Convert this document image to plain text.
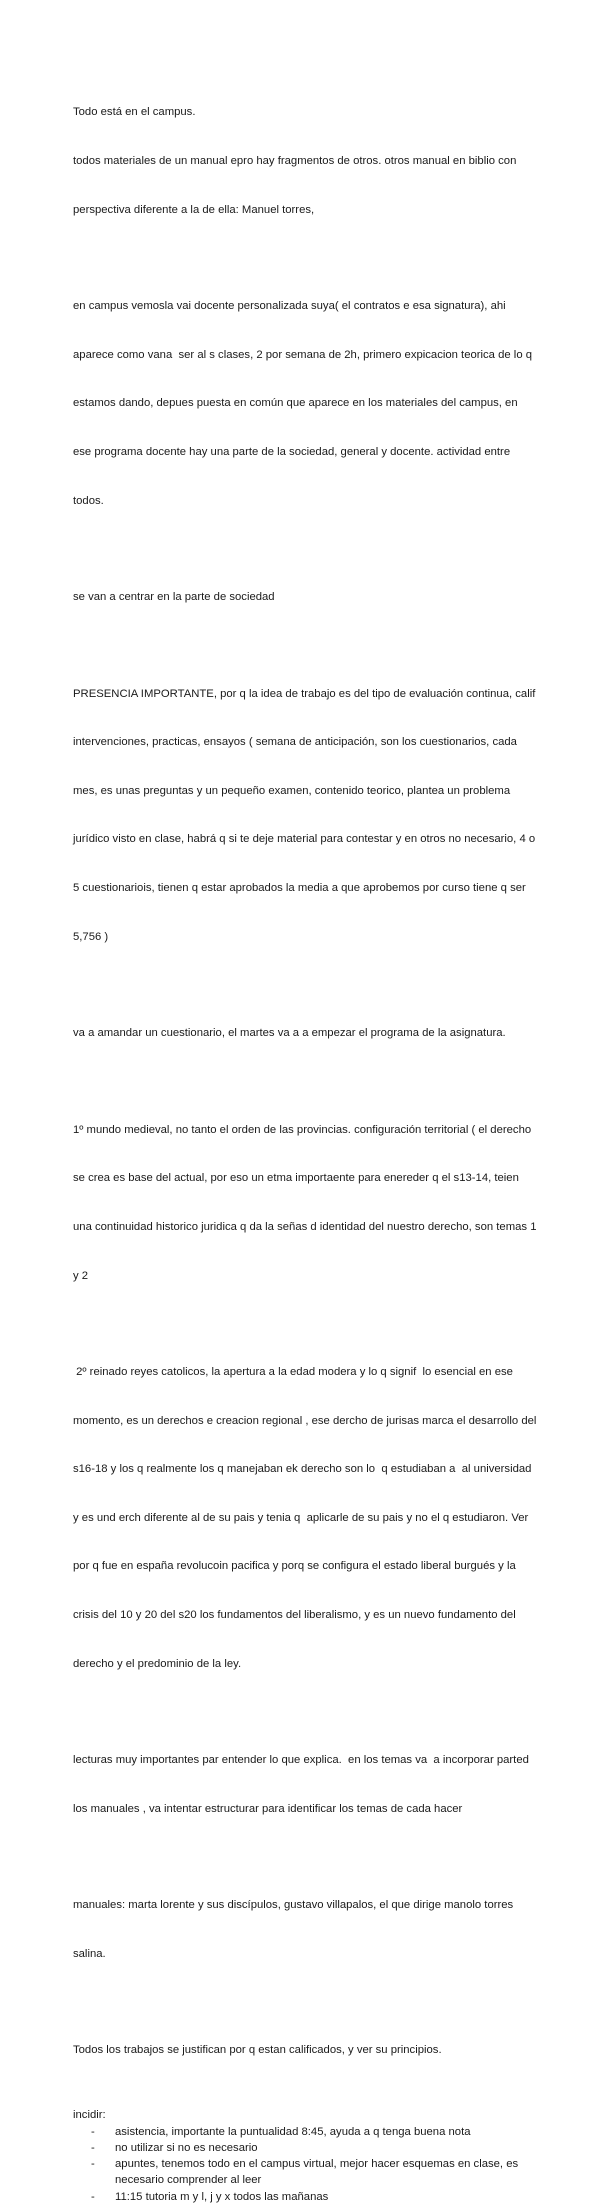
Todo está en el campus.

todos materiales de un manual epro hay fragmentos de otros. otros manual en biblio con

perspectiva diferente a la de ella: Manuel torres,

en campus vemosla vai docente personalizada suya( el contratos e esa signatura), ahi

aparece como vana  ser al s clases, 2 por semana de 2h, primero expicacion teorica de lo q

estamos dando, depues puesta en común que aparece en los materiales del campus, en

ese programa docente hay una parte de la sociedad, general y docente. actividad entre

todos.

se van a centrar en la parte de sociedad

PRESENCIA IMPORTANTE, por q la idea de trabajo es del tipo de evaluación continua, calif

intervenciones, practicas, ensayos ( semana de anticipación, son los cuestionarios, cada

mes, es unas preguntas y un pequeño examen, contenido teorico, plantea un problema

jurídico visto en clase, habrá q si te deje material para contestar y en otros no necesario, 4 o

5 cuestionariois, tienen q estar aprobados la media a que aprobemos por curso tiene q ser

5,756 )

va a amandar un cuestionario, el martes va a a empezar el programa de la asignatura.

1º mundo medieval, no tanto el orden de las provincias. configuración territorial ( el derecho

se crea es base del actual, por eso un etma importaente para enereder q el s13-14, teien

una continuidad historico juridica q da la señas d identidad del nuestro derecho, son temas 1

y 2

2º reinado reyes catolicos, la apertura a la edad modera y lo q signif  lo esencial en ese

momento, es un derechos e creacion regional , ese dercho de jurisas marca el desarrollo del

s16-18 y los q realmente los q manejaban ek derecho son lo  q estudiaban a  al universidad

y es und erch diferente al de su pais y tenia q  aplicarle de su pais y no el q estudiaron. Ver

por q fue en españa revolucoin pacifica y porq se configura el estado liberal burgués y la

crisis del 10 y 20 del s20 los fundamentos del liberalismo, y es un nuevo fundamento del

derecho y el predominio de la ley.

lecturas muy importantes par entender lo que explica.  en los temas va  a incorporar parted

los manuales , va intentar estructurar para identificar los temas de cada hacer

manuales: marta lorente y sus discípulos, gustavo villapalos, el que dirige manolo torres

salina.

Todos los trabajos se justifican por q estan calificados, y ver su principios.

incidir:
- asistencia, importante la puntualidad 8:45, ayuda a q tenga buena nota
- no utilizar si no es necesario
- apuntes, tenemos todo en el campus virtual, mejor hacer esquemas en clase, es
necesario comprender al leer
- 11:15 tutoria m y l, j y x todos las mañanas
